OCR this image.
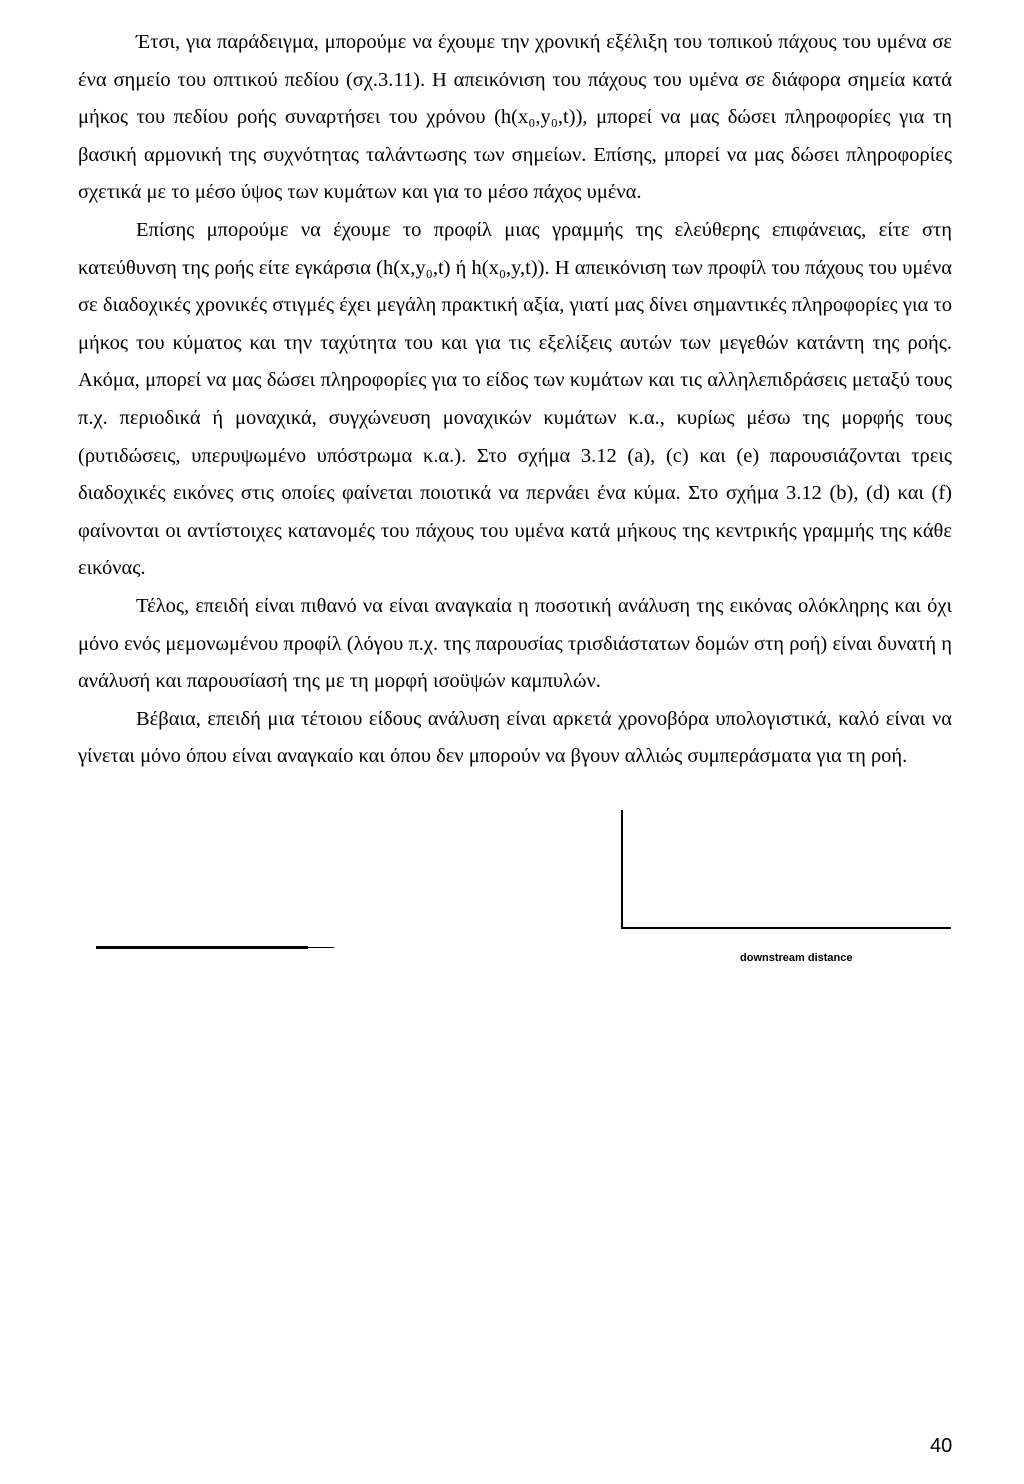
Έτσι, για παράδειγμα, μπορούμε να έχουμε την χρονική εξέλιξη του τοπικού πάχους του υμένα σε ένα σημείο του οπτικού πεδίου (σχ.3.11). Η απεικόνιση του πάχους του υμένα σε διάφορα σημεία κατά μήκος του πεδίου ροής συναρτήσει του χρόνου (h(x₀,y₀,t)), μπορεί να μας δώσει πληροφορίες για τη βασική αρμονική της συχνότητας ταλάντωσης των σημείων. Επίσης, μπορεί να μας δώσει πληροφορίες σχετικά με το μέσο ύψος των κυμάτων και για το μέσο πάχος υμένα.

Επίσης μπορούμε να έχουμε το προφίλ μιας γραμμής της ελεύθερης επιφάνειας, είτε στη κατεύθυνση της ροής είτε εγκάρσια (h(x,y₀,t) ή h(x₀,y,t)). Η απεικόνιση των προφίλ του πάχους του υμένα σε διαδοχικές χρονικές στιγμές έχει μεγάλη πρακτική αξία, γιατί μας δίνει σημαντικές πληροφορίες για το μήκος του κύματος και την ταχύτητα του και για τις εξελίξεις αυτών των μεγεθών κατάντη της ροής. Ακόμα, μπορεί να μας δώσει πληροφορίες για το είδος των κυμάτων και τις αλληλεπιδράσεις μεταξύ τους π.χ. περιοδικά ή μοναχικά, συγχώνευση μοναχικών κυμάτων κ.α., κυρίως μέσω της μορφής τους (ρυτιδώσεις, υπερυψωμένο υπόστρωμα κ.α.). Στο σχήμα 3.12 (a), (c) και (e) παρουσιάζονται τρεις διαδοχικές εικόνες στις οποίες φαίνεται ποιοτικά να περνάει ένα κύμα. Στο σχήμα 3.12 (b), (d) και (f) φαίνονται οι αντίστοιχες κατανομές του πάχους του υμένα κατά μήκους της κεντρικής γραμμής της κάθε εικόνας.

Τέλος, επειδή είναι πιθανό να είναι αναγκαία η ποσοτική ανάλυση της εικόνας ολόκληρης και όχι μόνο ενός μεμονωμένου προφίλ (λόγου π.χ. της παρουσίας τρισδιάστατων δομών στη ροή) είναι δυνατή η ανάλυσή και παρουσίασή της με τη μορφή ισοϋψών καμπυλών.

Βέβαια, επειδή μια τέτοιου είδους ανάλυση είναι αρκετά χρονοβόρα υπολογιστικά, καλό είναι να γίνεται μόνο όπου είναι αναγκαίο και όπου δεν μπορούν να βγουν αλλιώς συμπεράσματα για τη ροή.

downstream distance
40
